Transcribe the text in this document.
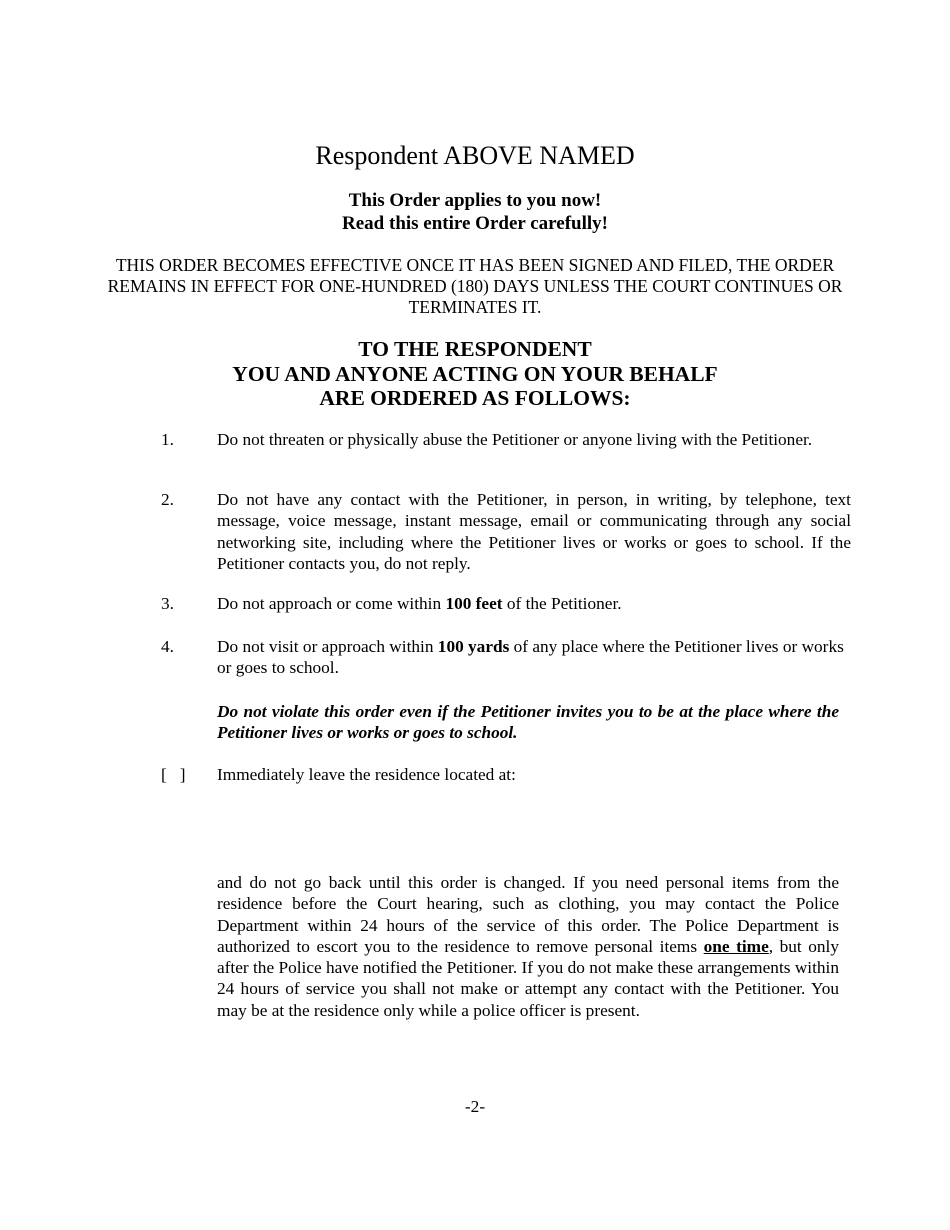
Respondent ABOVE NAMED
This Order applies to you now!
Read this entire Order carefully!
THIS ORDER BECOMES EFFECTIVE ONCE IT HAS BEEN SIGNED AND FILED, THE ORDER REMAINS IN EFFECT FOR ONE-HUNDRED (180) DAYS UNLESS THE COURT CONTINUES OR TERMINATES IT.
TO THE RESPONDENT
YOU AND ANYONE ACTING ON YOUR BEHALF
ARE ORDERED AS FOLLOWS:
1. Do not threaten or physically abuse the Petitioner or anyone living with the Petitioner.
2. Do not have any contact with the Petitioner, in person, in writing, by telephone, text message, voice message, instant message, email or communicating through any social networking site, including where the Petitioner lives or works or goes to school. If the Petitioner contacts you, do not reply.
3. Do not approach or come within 100 feet of the Petitioner.
4. Do not visit or approach within 100 yards of any place where the Petitioner lives or works or goes to school.
Do not violate this order even if the Petitioner invites you to be at the place where the Petitioner lives or works or goes to school.
[   ] Immediately leave the residence located at:
and do not go back until this order is changed. If you need personal items from the residence before the Court hearing, such as clothing, you may contact the Police Department within 24 hours of the service of this order. The Police Department is authorized to escort you to the residence to remove personal items one time, but only after the Police have notified the Petitioner. If you do not make these arrangements within 24 hours of service you shall not make or attempt any contact with the Petitioner. You may be at the residence only while a police officer is present.
-2-
